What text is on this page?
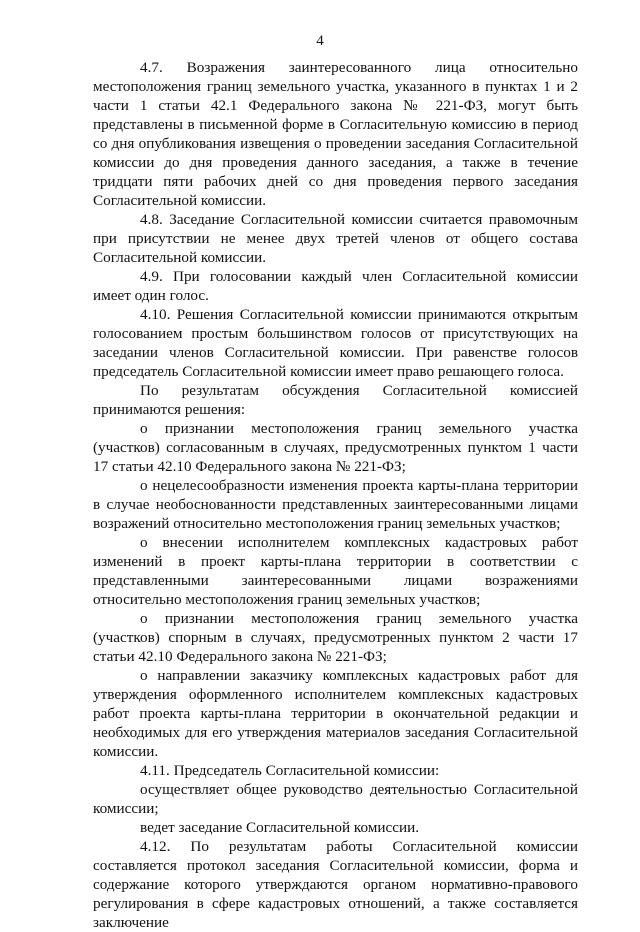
4

4.7. Возражения заинтересованного лица относительно местоположения границ земельного участка, указанного в пунктах 1 и 2 части 1 статьи 42.1 Федерального закона № 221-ФЗ, могут быть представлены в письменной форме в Согласительную комиссию в период со дня опубликования извещения о проведении заседания Согласительной комиссии до дня проведения данного заседания, а также в течение тридцати пяти рабочих дней со дня проведения первого заседания Согласительной комиссии.

4.8. Заседание Согласительной комиссии считается правомочным при присутствии не менее двух третей членов от общего состава Согласительной комиссии.

4.9. При голосовании каждый член Согласительной комиссии имеет один голос.

4.10. Решения Согласительной комиссии принимаются открытым голосованием простым большинством голосов от присутствующих на заседании членов Согласительной комиссии. При равенстве голосов председатель Согласительной комиссии имеет право решающего голоса.

По результатам обсуждения Согласительной комиссией принимаются решения:

о признании местоположения границ земельного участка (участков) согласованным в случаях, предусмотренных пунктом 1 части 17 статьи 42.10 Федерального закона № 221-ФЗ;

о нецелесообразности изменения проекта карты-плана территории в случае необоснованности представленных заинтересованными лицами возражений относительно местоположения границ земельных участков;

о внесении исполнителем комплексных кадастровых работ изменений в проект карты-плана территории в соответствии с представленными заинтересованными лицами возражениями относительно местоположения границ земельных участков;

о признании местоположения границ земельного участка (участков) спорным в случаях, предусмотренных пунктом 2 части 17 статьи 42.10 Федерального закона № 221-ФЗ;

о направлении заказчику комплексных кадастровых работ для утверждения оформленного исполнителем комплексных кадастровых работ проекта карты-плана территории в окончательной редакции и необходимых для его утверждения материалов заседания Согласительной комиссии.

4.11. Председатель Согласительной комиссии:

осуществляет общее руководство деятельностью Согласительной комиссии;

ведет заседание Согласительной комиссии.

4.12. По результатам работы Согласительной комиссии составляется протокол заседания Согласительной комиссии, форма и содержание которого утверждаются органом нормативно-правового регулирования в сфере кадастровых отношений, а также составляется заключение
